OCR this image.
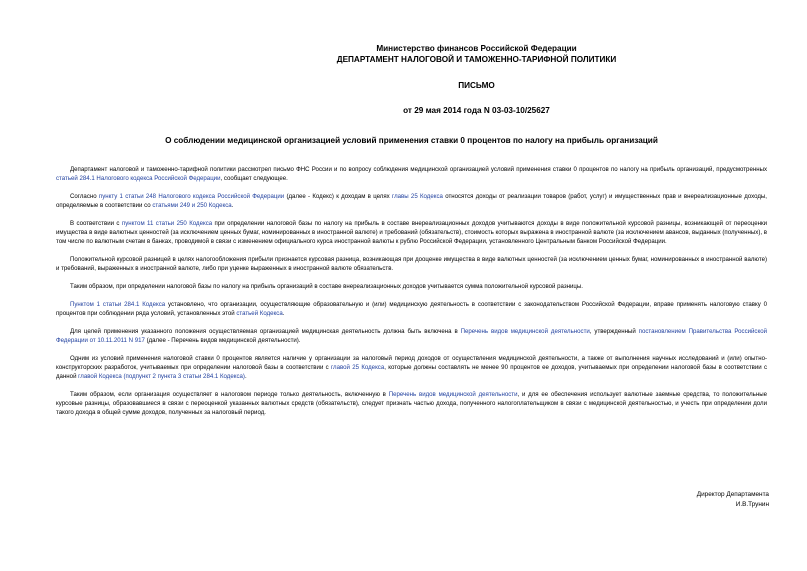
Министерство финансов Российской Федерации
ДЕПАРТАМЕНТ НАЛОГОВОЙ И ТАМОЖЕННО-ТАРИФНОЙ ПОЛИТИКИ
ПИСЬМО
от 29 мая 2014 года N 03-03-10/25627
О соблюдении медицинской организацией условий применения ставки 0 процентов по налогу на прибыль организаций

Департамент налоговой и таможенно-тарифной политики рассмотрел письмо ФНС России и по вопросу соблюдения медицинской организацией условий применения ставки 0 процентов по налогу на прибыль организаций, предусмотренных статьей 284.1 Налогового кодекса Российской Федерации, сообщает следующее.

Согласно пункту 1 статьи 248 Налогового кодекса Российской Федерации (далее - Кодекс) к доходам в целях главы 25 Кодекса относятся доходы от реализации товаров (работ, услуг) и имущественных прав и внереализационные доходы, определяемые в соответствии со статьями 249 и 250 Кодекса.

В соответствии с пунктом 11 статьи 250 Кодекса при определении налоговой базы по налогу на прибыль в составе внереализационных доходов учитываются доходы в виде положительной курсовой разницы, возникающей от переоценки имущества в виде валютных ценностей (за исключением ценных бумаг, номинированных в иностранной валюте) и требований (обязательств), стоимость которых выражена в иностранной валюте (за исключением авансов, выданных (полученных), в том числе по валютным счетам в банках, проводимой в связи с изменением официального курса иностранной валюты к рублю Российской Федерации, установленного Центральным банком Российской Федерации.

Положительной курсовой разницей в целях налогообложения прибыли признается курсовая разница, возникающая при дооценке имущества в виде валютных ценностей (за исключением ценных бумаг, номинированных в иностранной валюте) и требований, выраженных в иностранной валюте, либо при уценке выраженных в иностранной валюте обязательств.

Таким образом, при определении налоговой базы по налогу на прибыль организаций в составе внереализационных доходов учитывается сумма положительной курсовой разницы.

Пунктом 1 статьи 284.1 Кодекса установлено, что организации, осуществляющие образовательную и (или) медицинскую деятельность в соответствии с законодательством Российской Федерации, вправе применять налоговую ставку 0 процентов при соблюдении ряда условий, установленных этой статьей Кодекса.

Для целей применения указанного положения осуществляемая организацией медицинская деятельность должна быть включена в Перечень видов медицинской деятельности, утвержденный постановлением Правительства Российской Федерации от 10.11.2011 N 917 (далее - Перечень видов медицинской деятельности).

Одним из условий применения налоговой ставки 0 процентов является наличие у организации за налоговый период доходов от осуществления медицинской деятельности, а также от выполнения научных исследований и (или) опытно-конструкторских разработок, учитываемых при определении налоговой базы в соответствии с главой 25 Кодекса, которые должны составлять не менее 90 процентов ее доходов, учитываемых при определении налоговой базы в соответствии с данной главой Кодекса (подпункт 2 пункта 3 статьи 284.1 Кодекса).

Таким образом, если организация осуществляет в налоговом периоде только деятельность, включенную в Перечень видов медицинской деятельности, и для ее обеспечения использует валютные заемные средства, то положительные курсовые разницы, образовавшиеся в связи с переоценкой указанных валютных средств (обязательств), следует признать частью дохода, полученного налогоплательщиком в связи с медицинской деятельностью, и учесть при определении доли такого дохода в общей сумме доходов, полученных за налоговый период.

Директор Департамента
И.В.Трунин
